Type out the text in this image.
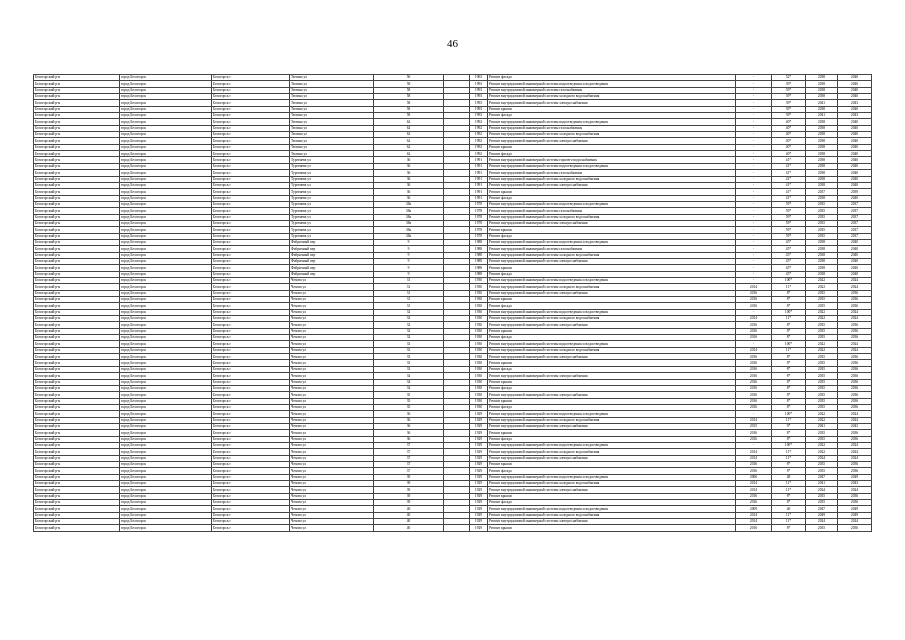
46
Белогорский р-н	город Белогорск	Белогорск г	Тюгина ул	56		1963	Ремонт фасада	-	52*	2038	2040
Белогорский р-н	город Белогорск	Белогорск г	Тюгина ул	58		1993	Ремонт внутридомовой инженерной системы водоотведения и водоотведения	-	39*	2038	2040
Белогорский р-н	город Белогорск	Белогорск г	Тюгина ул	58		1993	Ремонт внутридомовой инженерной системы газоснабжения	-	39*	2038	2040
Белогорский р-н	город Белогорск	Белогорск г	Тюгина ул	58		1993	Ремонт внутридомовой инженерной системы холодного водоснабжения	-	39*	2038	2040
Белогорский р-н	город Белогорск	Белогорск г	Тюгина ул	58		1993	Ремонт внутридомовой инженерной системы электроснабжения	-	39*	2041	2043
Белогорский р-н	город Белогорск	Белогорск г	Тюгина ул	58		1993	Ремонт крыши	-	39*	2038	2040
Белогорский р-н	город Белогорск	Белогорск г	Тюгина ул	58		1993	Ремонт фасада	-	39*	2041	2043
Белогорский р-н	город Белогорск	Белогорск г	Тюгина ул	62		1992	Ремонт внутридомовой инженерной системы водоотведения и водоотведения	-	40*	2038	2040
Белогорский р-н	город Белогорск	Белогорск г	Тюгина ул	62		1992	Ремонт внутридомовой инженерной системы газоснабжения	-	40*	2038	2040
Белогорский р-н	город Белогорск	Белогорск г	Тюгина ул	62		1992	Ремонт внутридомовой инженерной системы холодного водоснабжения	-	40*	2038	2040
Белогорский р-н	город Белогорск	Белогорск г	Тюгина ул	62		1992	Ремонт внутридомовой инженерной системы электроснабжения	-	40*	2038	2040
Белогорский р-н	город Белогорск	Белогорск г	Тюгина ул	62		1992	Ремонт крыши	-	40*	2038	2040
Белогорский р-н	город Белогорск	Белогорск г	Тюгина ул	62		1992	Ремонт фасада	-	40*	2038	2040
Белогорский р-н	город Белогорск	Белогорск г	Тургенева ул	36		1991	Ремонт внутридомовой инженерной системы горячего водоснабжения	-	41*	2038	2040
Белогорский р-н	город Белогорск	Белогорск г	Тургенева ул	36		1991	Ремонт внутридомовой инженерной системы водоотведения и водоотведения	-	41*	2038	2040
Белогорский р-н	город Белогорск	Белогорск г	Тургенева ул	36		1991	Ремонт внутридомовой инженерной системы газоснабжения	-	41*	2038	2040
Белогорский р-н	город Белогорск	Белогорск г	Тургенева ул	36		1991	Ремонт внутридомовой инженерной системы холодного водоснабжения	-	41*	2038	2040
Белогорский р-н	город Белогорск	Белогорск г	Тургенева ул	36		1991	Ремонт внутридомовой инженерной системы электроснабжения	-	41*	2038	2040
Белогорский р-н	город Белогорск	Белогорск г	Тургенева ул	36		1991	Ремонт крыши	-	41*	2037	2039
Белогорский р-н	город Белогорск	Белогорск г	Тургенева ул	36		1991	Ремонт фасада	-	41*	2038	2040
Белогорский р-н	город Белогорск	Белогорск г	Тургенева ул	38а		1978	Ремонт внутридомовой инженерной системы водоотведения и водоотведения	-	59*	2035	2037
Белогорский р-н	город Белогорск	Белогорск г	Тургенева ул	38а		1978	Ремонт внутридомовой инженерной системы газоснабжения	-	59*	2035	2037
Белогорский р-н	город Белогорск	Белогорск г	Тургенева ул	38а		1978	Ремонт внутридомовой инженерной системы холодного водоснабжения	-	59*	2035	2037
Белогорский р-н	город Белогорск	Белогорск г	Тургенева ул	38а		1978	Ремонт внутридомовой инженерной системы электроснабжения	-	59*	2035	2037
Белогорский р-н	город Белогорск	Белогорск г	Тургенева ул	38а		1978	Ремонт крыши	-	59*	2035	2037
Белогорский р-н	город Белогорск	Белогорск г	Тургенева ул	38а		1978	Ремонт фасада	-	59*	2035	2037
Белогорский р-н	город Белогорск	Белогорск г	Фабричный пер	9		1988	Ремонт внутридомовой инженерной системы водоотведения и водоотведения	-	45*	2038	2040
Белогорский р-н	город Белогорск	Белогорск г	Фабричный пер	9		1988	Ремонт внутридомовой инженерной системы газоснабжения	-	45*	2038	2040
Белогорский р-н	город Белогорск	Белогорск г	Фабричный пер	9		1988	Ремонт внутридомовой инженерной системы холодного водоснабжения	-	45*	2038	2040
Белогорский р-н	город Белогорск	Белогорск г	Фабричный пер	9		1988	Ремонт внутридомовой инженерной системы электроснабжения	-	45*	2038	2040
Белогорский р-н	город Белогорск	Белогорск г	Фабричный пер	9		1988	Ремонт крыши	-	45*	2038	2040
Белогорский р-н	город Белогорск	Белогорск г	Фабричный пер	9		1988	Ремонт фасада	-	45*	2038	2040
Белогорский р-н	город Белогорск	Белогорск г	Чехова ул	31		1930	Ремонт внутридомовой инженерной системы водоотведения и водоотведения	-	100*	2022	2024
Белогорский р-н	город Белогорск	Белогорск г	Чехова ул	31		1930	Ремонт внутридомовой инженерной системы холодного водоснабжения	2014	11*	2022	2024
Белогорский р-н	город Белогорск	Белогорск г	Чехова ул	31		1930	Ремонт внутридомовой инженерной системы электроснабжения	2016	8*	2035	2036
Белогорский р-н	город Белогорск	Белогорск г	Чехова ул	31		1930	Ремонт крыши	2016	8*	2035	2036
Белогорский р-н	город Белогорск	Белогорск г	Чехова ул	31		1930	Ремонт фасада	2016	8*	2035	2036
Белогорский р-н	город Белогорск	Белогорск г	Чехова ул	32		1930	Ремонт внутридомовой инженерной системы водоотведения и водоотведения	-	100*	2022	2024
Белогорский р-н	город Белогорск	Белогорск г	Чехова ул	32		1930	Ремонт внутридомовой инженерной системы холодного водоснабжения	2014	11*	2022	2024
Белогорский р-н	город Белогорск	Белогорск г	Чехова ул	32		1930	Ремонт внутридомовой инженерной системы электроснабжения	2016	8*	2035	2036
Белогорский р-н	город Белогорск	Белогорск г	Чехова ул	32		1930	Ремонт крыши	2016	8*	2035	2036
Белогорский р-н	город Белогорск	Белогорск г	Чехова ул	32		1930	Ремонт фасада	2016	8*	2035	2036
Белогорский р-н	город Белогорск	Белогорск г	Чехова ул	33		1930	Ремонт внутридомовой инженерной системы водоотведения и водоотведения	-	100*	2022	2024
Белогорский р-н	город Белогорск	Белогорск г	Чехова ул	33		1930	Ремонт внутридомовой инженерной системы холодного водоснабжения	2014	11*	2022	2024
Белогорский р-н	город Белогорск	Белогорск г	Чехова ул	33		1930	Ремонт внутридомовой инженерной системы электроснабжения	2016	8*	2035	2036
Белогорский р-н	город Белогорск	Белогорск г	Чехова ул	33		1930	Ремонт крыши	2016	8*	2035	2036
Белогорский р-н	город Белогорск	Белогорск г	Чехова ул	33		1930	Ремонт фасада	2016	8*	2035	2036
Белогорский р-н	город Белогорск	Белогорск г	Чехова ул	34		1930	Ремонт внутридомовой инженерной системы электроснабжения	2016	8*	2035	2036
Белогорский р-н	город Белогорск	Белогорск г	Чехова ул	34		1930	Ремонт крыши	2016	8*	2035	2036
Белогорский р-н	город Белогорск	Белогорск г	Чехова ул	34		1930	Ремонт фасада	2016	8*	2035	2036
Белогорский р-н	город Белогорск	Белогорск г	Чехова ул	35		1930	Ремонт внутридомовой инженерной системы электроснабжения	2016	8*	2035	2036
Белогорский р-н	город Белогорск	Белогорск г	Чехова ул	35		1930	Ремонт крыши	2016	8*	2035	2036
Белогорский р-н	город Белогорск	Белогорск г	Чехова ул	35		1930	Ремонт фасада	2016	8*	2035	2036
Белогорский р-н	город Белогорск	Белогорск г	Чехова ул	36		1929	Ремонт внутридомовой инженерной системы водоотведения и водоотведения	-	100*	2022	2024
Белогорский р-н	город Белогорск	Белогорск г	Чехова ул	36		1929	Ремонт внутридомовой инженерной системы холодного водоснабжения	2014	11*	2022	2024
Белогорский р-н	город Белогорск	Белогорск г	Чехова ул	36		1929	Ремонт внутридомовой инженерной системы электроснабжения	2015	9*	2041	2043
Белогорский р-н	город Белогорск	Белогорск г	Чехова ул	36		1929	Ремонт крыши	2016	8*	2035	2036
Белогорский р-н	город Белогорск	Белогорск г	Чехова ул	36		1929	Ремонт фасада	2016	8*	2035	2036
Белогорский р-н	город Белогорск	Белогорск г	Чехова ул	37		1929	Ремонт внутридомовой инженерной системы водоотведения и водоотведения	-	100*	2022	2024
Белогорский р-н	город Белогорск	Белогорск г	Чехова ул	37		1929	Ремонт внутридомовой инженерной системы холодного водоснабжения	2014	11*	2022	2024
Белогорский р-н	город Белогорск	Белогорск г	Чехова ул	37		1929	Ремонт внутридомовой инженерной системы электроснабжения	2014	11*	2024	2024
Белогорский р-н	город Белогорск	Белогорск г	Чехова ул	37		1929	Ремонт крыши	2016	8*	2035	2036
Белогорский р-н	город Белогорск	Белогорск г	Чехова ул	37		1929	Ремонт фасада	2016	8*	2035	2036
Белогорский р-н	город Белогорск	Белогорск г	Чехова ул	39		1929	Ремонт внутридомовой инженерной системы водоотведения и водоотведения	2006	48	2047	2049
Белогорский р-н	город Белогорск	Белогорск г	Чехова ул	39		1929	Ремонт внутридомовой инженерной системы холодного водоснабжения	2014	11*	2041	2043
Белогорский р-н	город Белогорск	Белогорск г	Чехова ул	39		1929	Ремонт внутридомовой инженерной системы электроснабжения	2014	11*	2024	2024
Белогорский р-н	город Белогорск	Белогорск г	Чехова ул	39		1929	Ремонт крыши	2016	8*	2035	2036
Белогорский р-н	город Белогорск	Белогорск г	Чехова ул	39		1929	Ремонт фасада	2016	8*	2035	2036
Белогорский р-н	город Белогорск	Белогорск г	Чехова ул	40		1929	Ремонт внутридомовой инженерной системы водоотведения и водоотведения	2009	46	2047	2049
Белогорский р-н	город Белогорск	Белогорск г	Чехова ул	40		1929	Ремонт внутридомовой инженерной системы холодного водоснабжения	2014	11*	2049	2049
Белогорский р-н	город Белогорск	Белогорск г	Чехова ул	40		1929	Ремонт внутридомовой инженерной системы электроснабжения	2014	11*	2024	2024
Белогорский р-н	город Белогорск	Белогорск г	Чехова ул	40		1929	Ремонт крыши	2016	8*	2035	2036
